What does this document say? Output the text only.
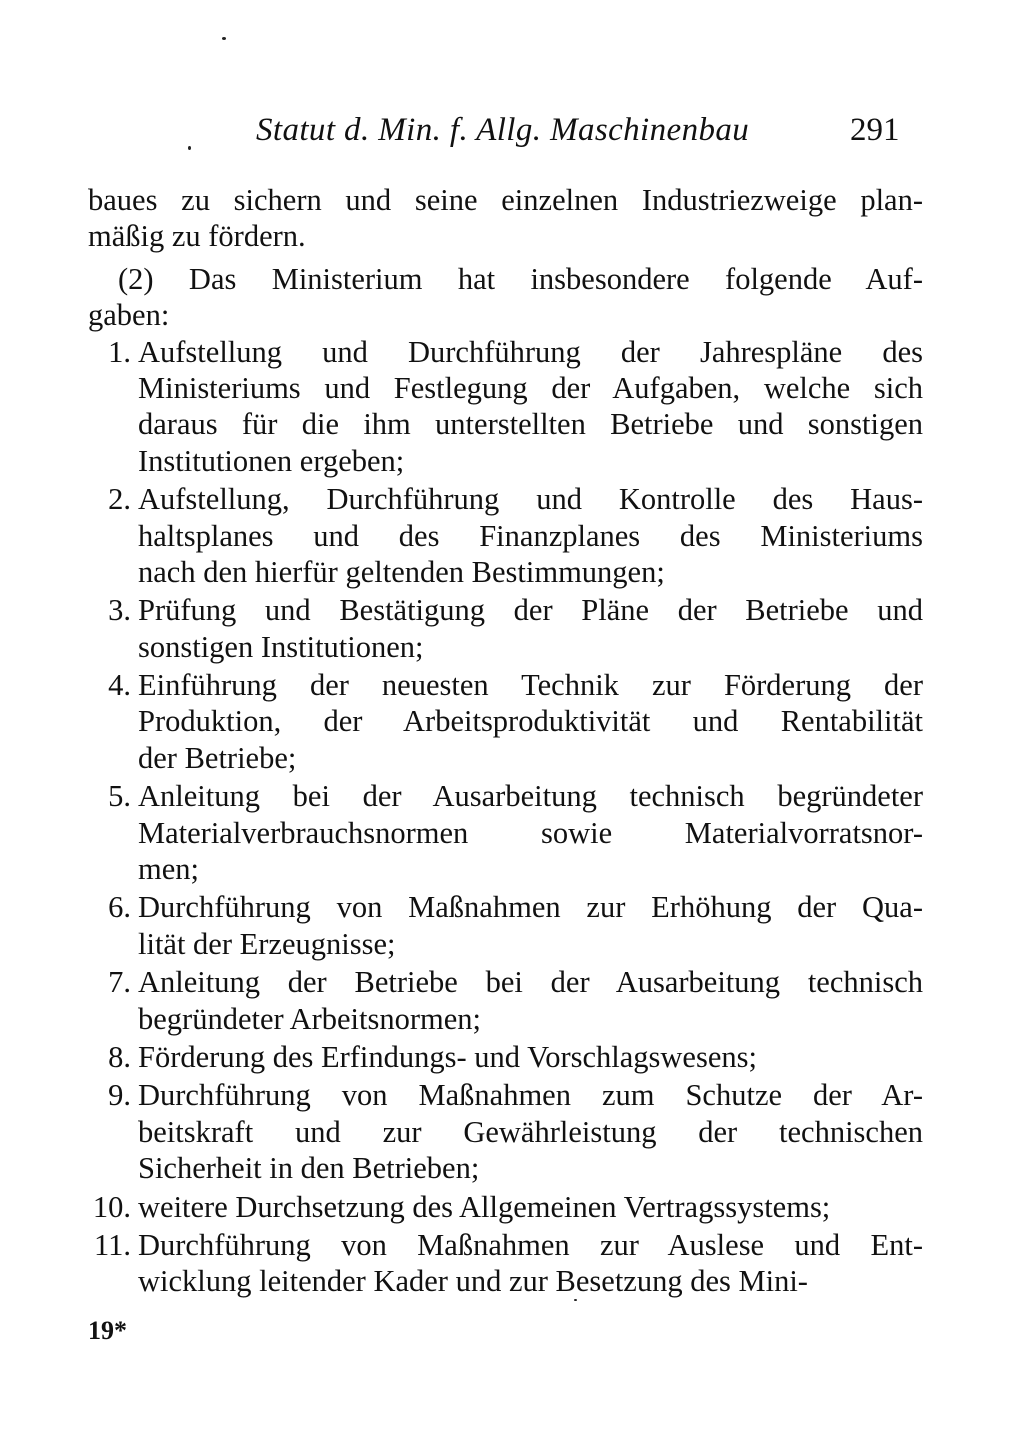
Statut d. Min. f. Allg. Maschinenbau	291
baues zu sichern und seine einzelnen Industriezweige plan-
mäßig zu fördern.
(2) Das Ministerium hat insbesondere folgende Auf-
gaben:
1. Aufstellung und Durchführung der Jahrespläne des
Ministeriums und Festlegung der Aufgaben, welche sich
daraus für die ihm unterstellten Betriebe und sonstigen
Institutionen ergeben;
2. Aufstellung, Durchführung und Kontrolle des Haus-
haltsplanes und des Finanzplanes des Ministeriums
nach den hierfür geltenden Bestimmungen;
3. Prüfung und Bestätigung der Pläne der Betriebe und
sonstigen Institutionen;
4. Einführung der neuesten Technik zur Förderung der
Produktion, der Arbeitsproduktivität und Rentabilität
der Betriebe;
5. Anleitung bei der Ausarbeitung technisch begründeter
Materialverbrauchsnormen sowie Materialvorratsnor-
men;
6. Durchführung von Maßnahmen zur Erhöhung der Qua-
lität der Erzeugnisse;
7. Anleitung der Betriebe bei der Ausarbeitung technisch
begründeter Arbeitsnormen;
8. Förderung des Erfindungs- und Vorschlagswesens;
9. Durchführung von Maßnahmen zum Schutze der Ar-
beitskraft und zur Gewährleistung der technischen
Sicherheit in den Betrieben;
10. weitere Durchsetzung des Allgemeinen Vertragssystems;
11. Durchführung von Maßnahmen zur Auslese und Ent-
wicklung leitender Kader und zur Besetzung des Mini-
19*
